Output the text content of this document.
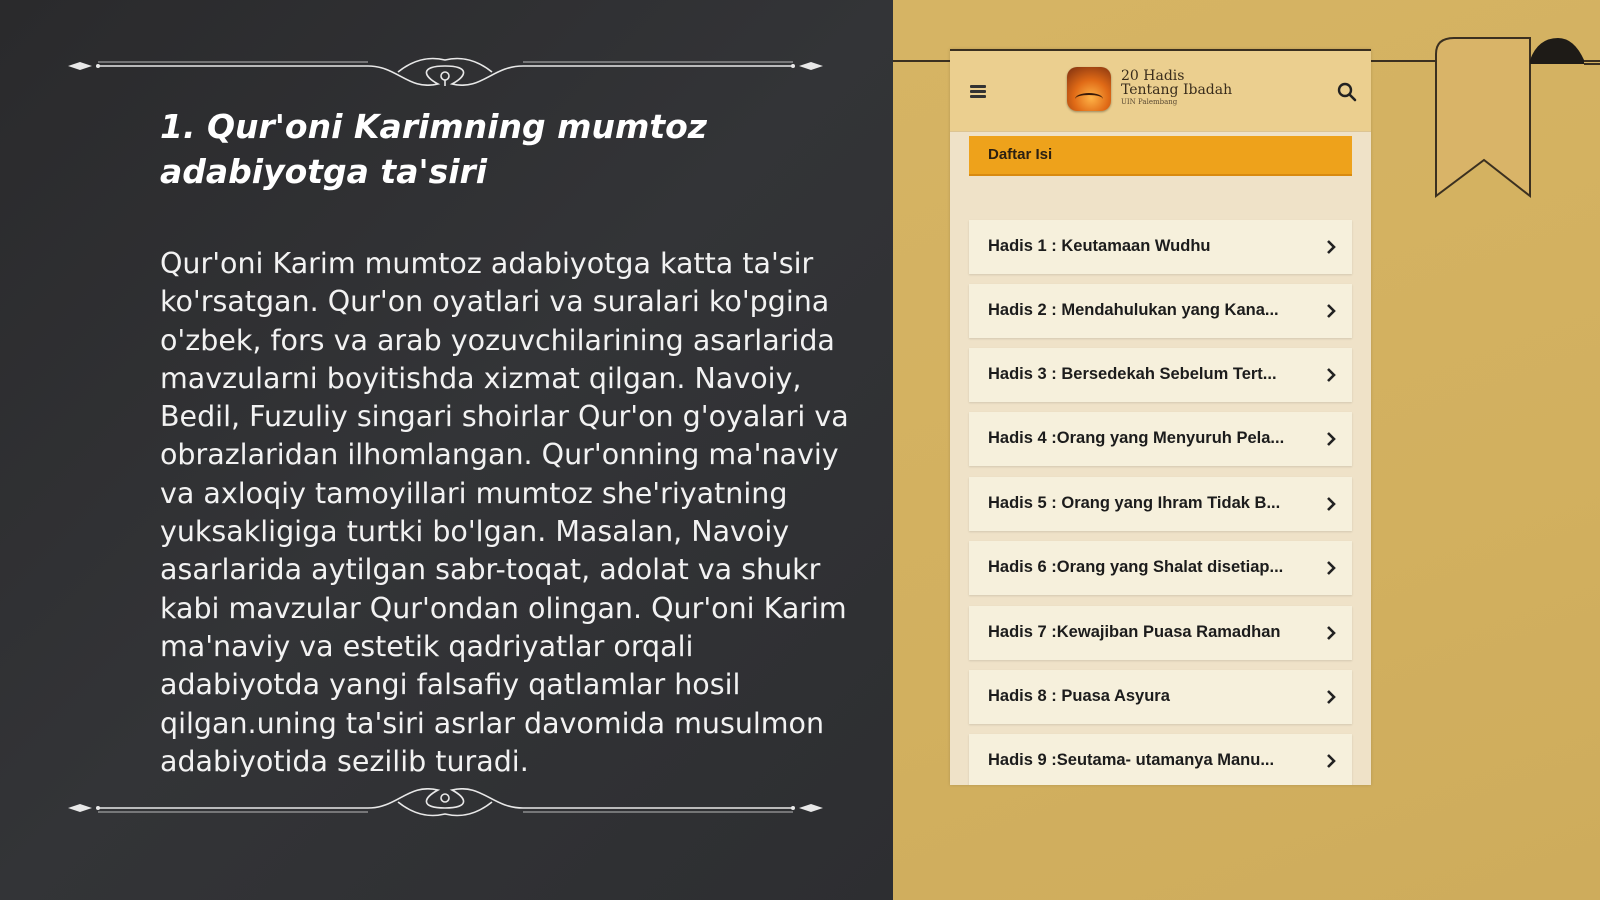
1. Qur'oni Karimning mumtoz adabiyotga ta'siri

Qur'oni Karim mumtoz adabiyotga katta ta'sir ko'rsatgan. Qur'on oyatlari va suralari ko'pgina o'zbek, fors va arab yozuvchilarining asarlarida mavzularni boyitishda xizmat qilgan. Navoiy, Bedil, Fuzuliy singari shoirlar Qur'on g'oyalari va obrazlaridan ilhomlangan. Qur'onning ma'naviy va axloqiy tamoyillari mumtoz she'riyatning yuksakligiga turtki bo'lgan. Masalan, Navoiy asarlarida aytilgan sabr-toqat, adolat va shukr kabi mavzular Qur'ondan olingan. Qur'oni Karim ma'naviy va estetik qadriyatlar orqali adabiyotda yangi falsafiy qatlamlar hosil qilgan.uning ta'siri asrlar davomida musulmon adabiyotida sezilib turadi.

20 Hadis
Tentang Ibadah
UIN Palembang
Daftar Isi
Hadis 1 : Keutamaan Wudhu
Hadis 2 : Mendahulukan yang Kana...
Hadis 3 : Bersedekah Sebelum Tert...
Hadis 4 :Orang yang Menyuruh Pela...
Hadis 5 : Orang yang Ihram Tidak B...
Hadis 6 :Orang yang Shalat disetiap...
Hadis 7 :Kewajiban Puasa Ramadhan
Hadis 8 : Puasa Asyura
Hadis 9 :Seutama- utamanya Manu...
